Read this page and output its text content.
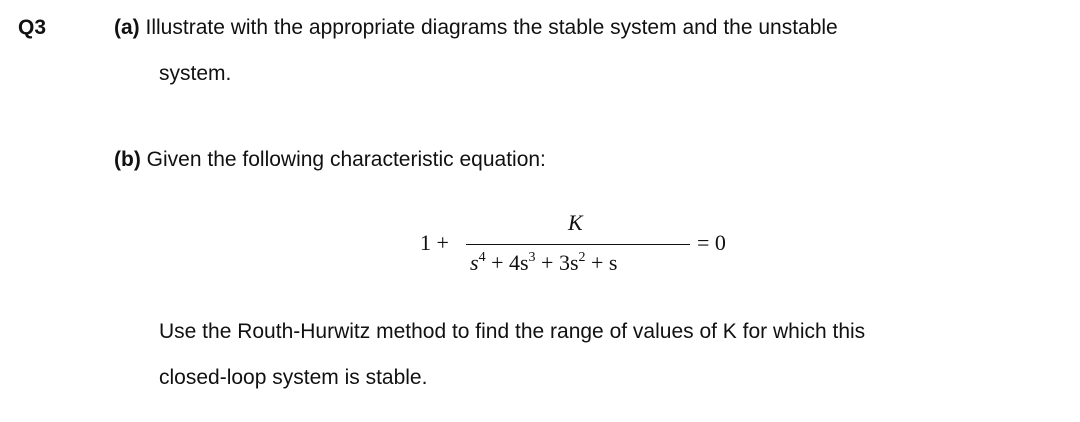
Q3	(a) Illustrate with the appropriate diagrams the stable system and the unstable
system.
(b) Given the following characteristic equation:
1 +
K
$s^4 + 4s^3 + 3s^2 + s$
= 0
Use the Routh-Hurwitz method to find the range of values of K for which this
closed-loop system is stable.
